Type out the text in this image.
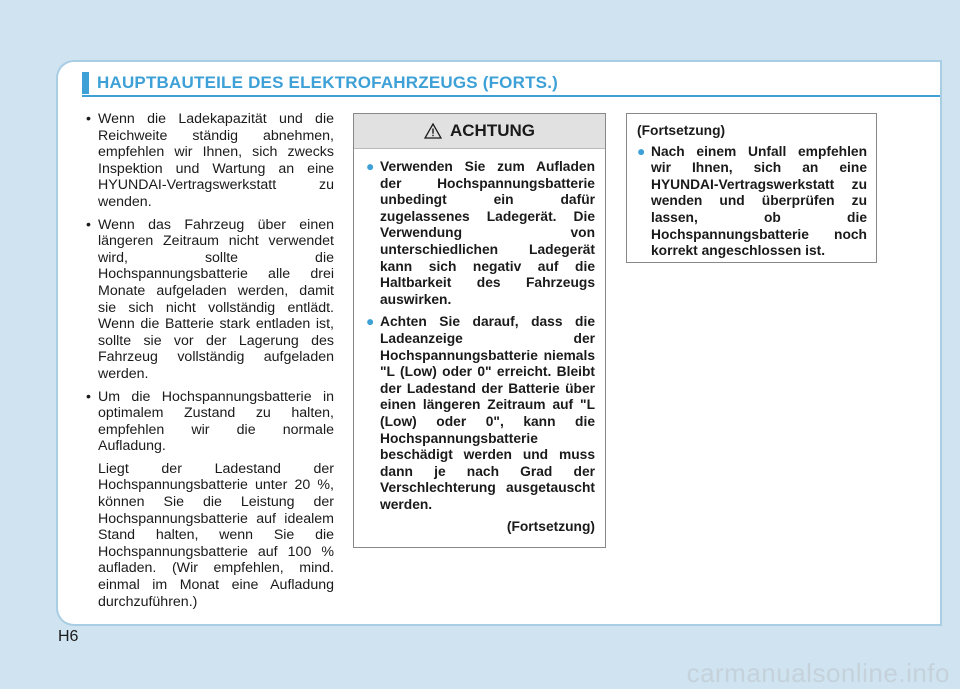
HAUPTBAUTEILE DES ELEKTROFAHRZEUGS (FORTS.)
• Wenn die Ladekapazität und die Reichweite ständig abnehmen, empfehlen wir Ihnen, sich zwecks Inspektion und Wartung an eine HYUNDAI-Vertragswerkstatt zu wenden.
• Wenn das Fahrzeug über einen längeren Zeitraum nicht verwendet wird, sollte die Hochspannungsbatterie alle drei Monate aufgeladen werden, damit sie sich nicht vollständig entlädt. Wenn die Batterie stark entladen ist, sollte sie vor der Lagerung des Fahrzeug vollständig aufgeladen werden.
• Um die Hochspannungsbatterie in optimalem Zustand zu halten, empfehlen wir die normale Aufladung.
Liegt der Ladestand der Hochspannungsbatterie unter 20 %, können Sie die Leistung der Hochspannungsbatterie auf idealem Stand halten, wenn Sie die Hochspannungsbatterie auf 100 % aufladen. (Wir empfehlen, mind. einmal im Monat eine Aufladung durchzuführen.)
ACHTUNG
● Verwenden Sie zum Aufladen der Hochspannungsbatterie unbedingt ein dafür zugelassenes Ladegerät. Die Verwendung von unterschiedlichen Ladegerät kann sich negativ auf die Haltbarkeit des Fahrzeugs auswirken.
● Achten Sie darauf, dass die Ladeanzeige der Hochspannungsbatterie niemals "L (Low) oder 0" erreicht. Bleibt der Ladestand der Batterie über einen längeren Zeitraum auf "L (Low) oder 0", kann die Hochspannungsbatterie beschädigt werden und muss dann je nach Grad der Verschlechterung ausgetauscht werden.
(Fortsetzung)
(Fortsetzung)
● Nach einem Unfall empfehlen wir Ihnen, sich an eine HYUNDAI-Vertragswerkstatt zu wenden und überprüfen zu lassen, ob die Hochspannungsbatterie noch korrekt angeschlossen ist.
H6
carmanualsonline.info
